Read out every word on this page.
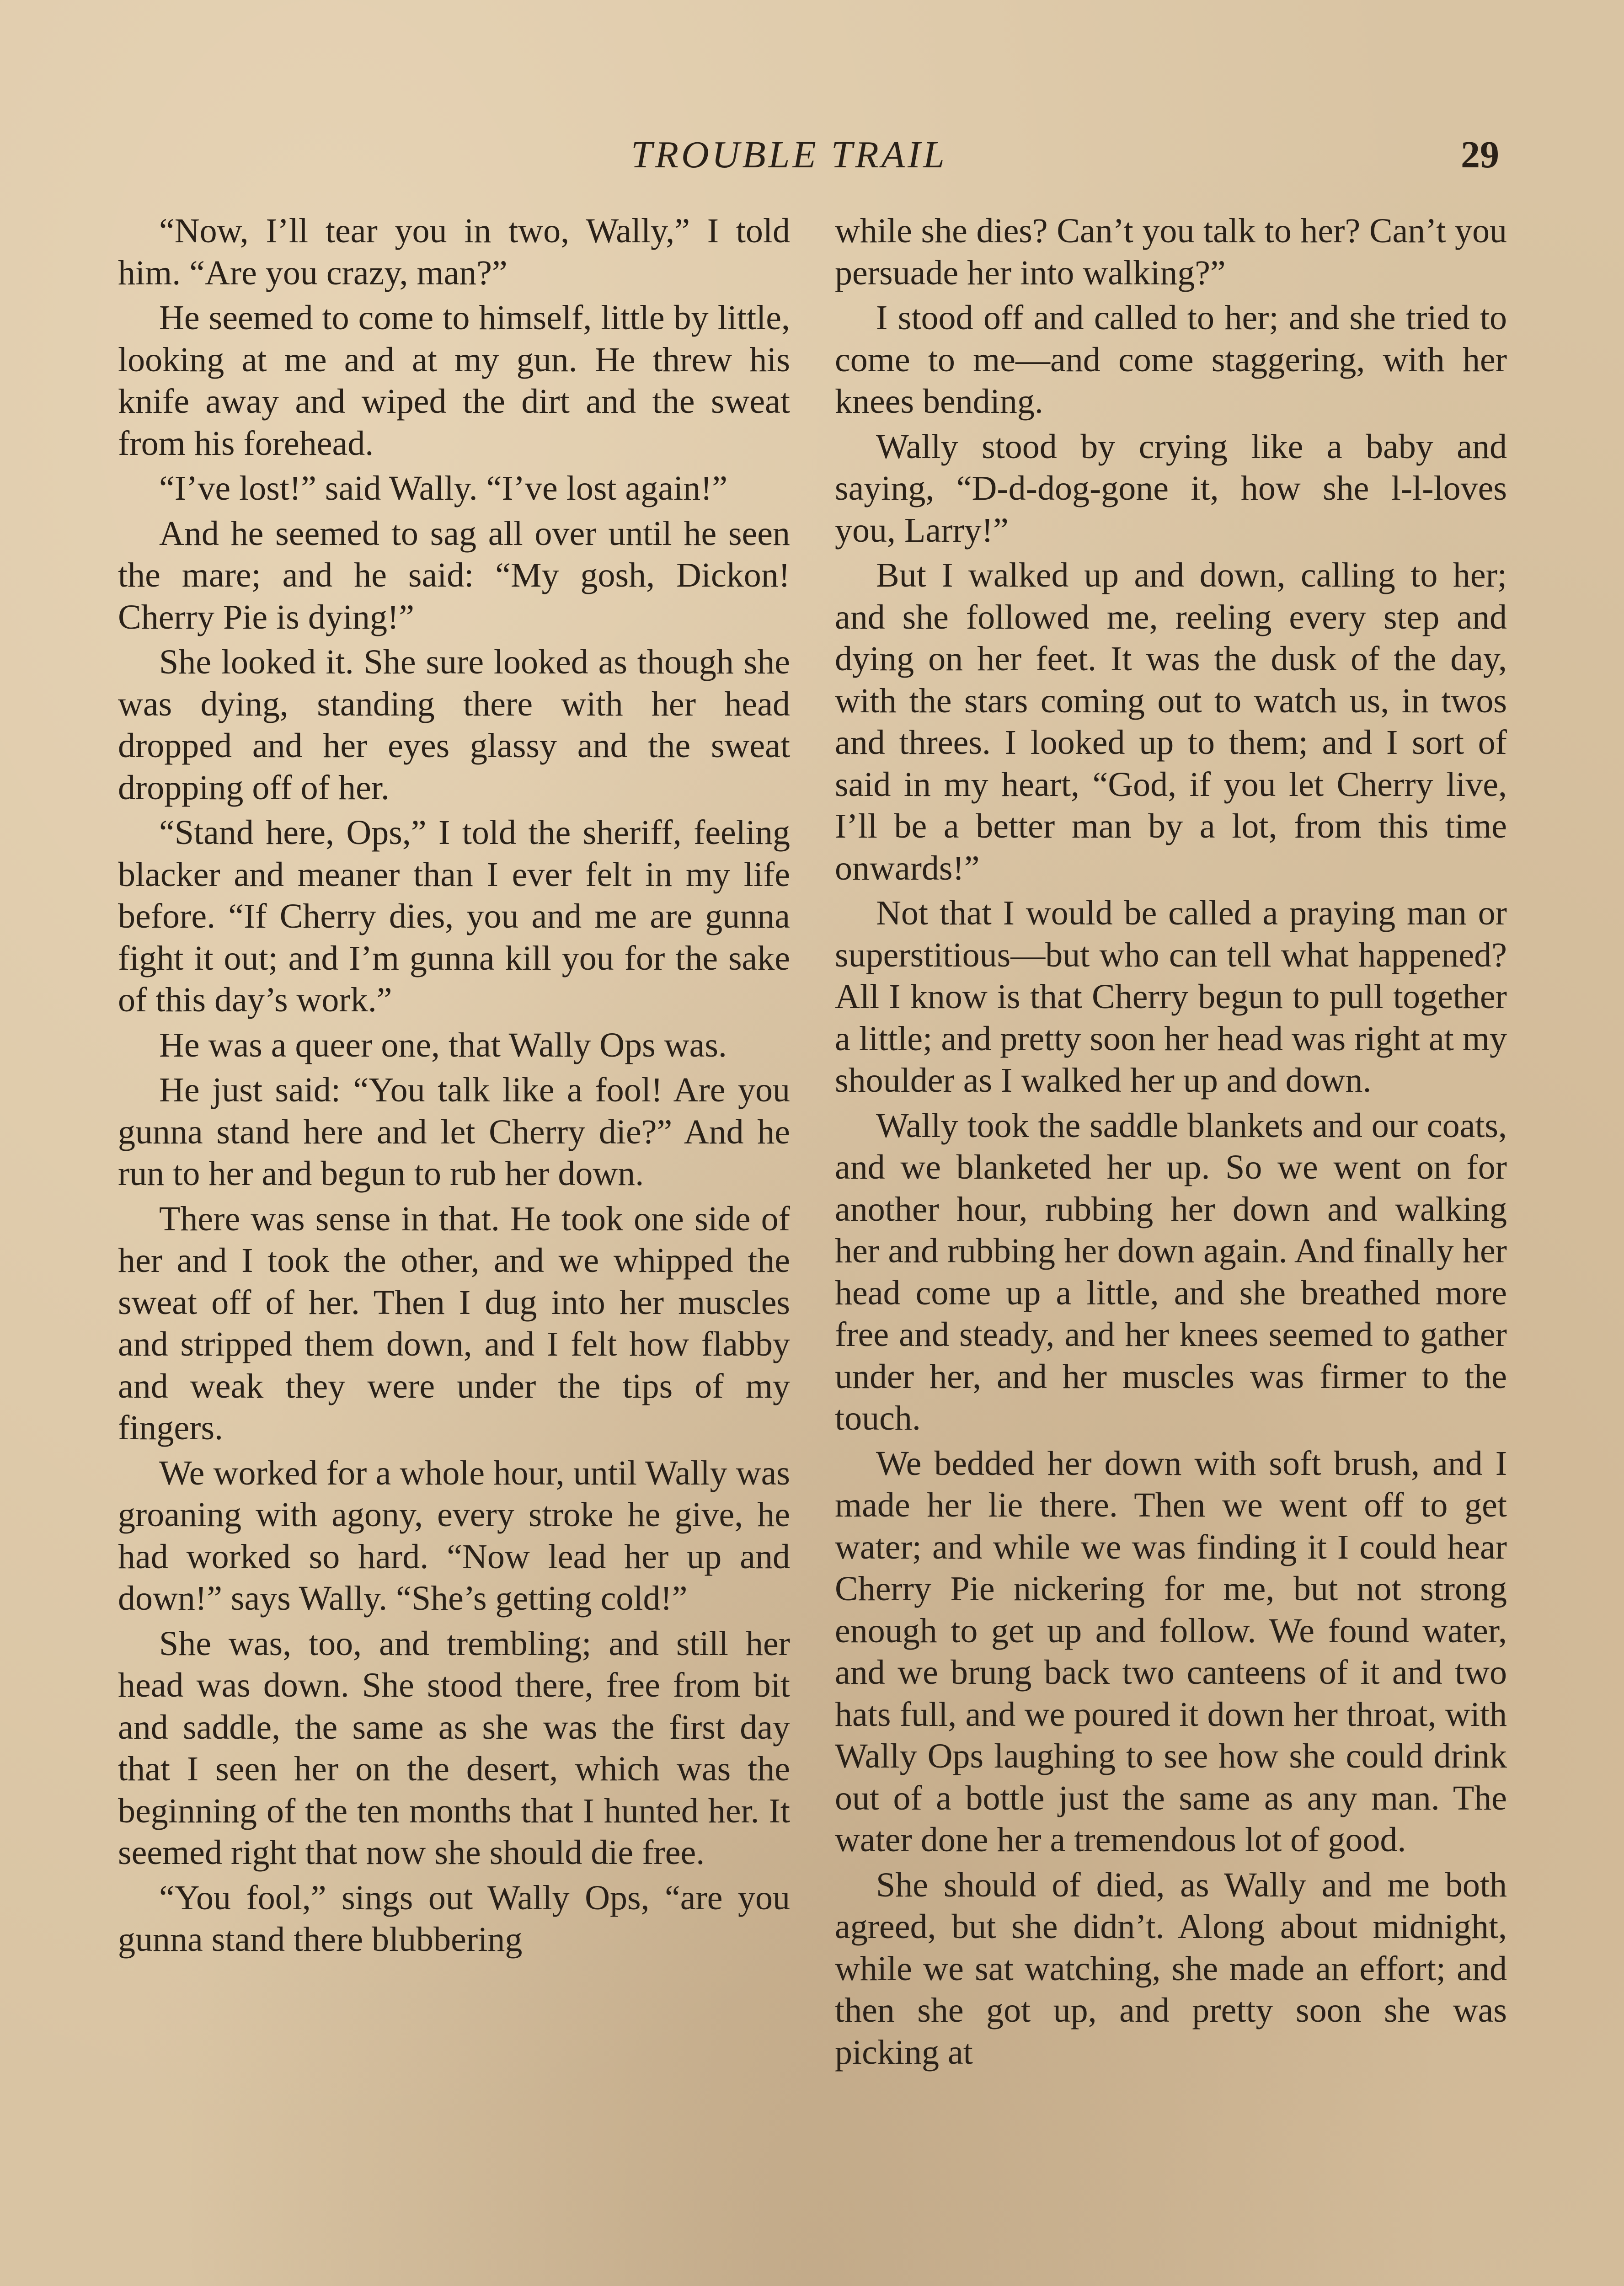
TROUBLE TRAIL	29

“Now, I’ll tear you in two, Wally,” I told him. “Are you crazy, man?”

He seemed to come to himself, little by little, looking at me and at my gun. He threw his knife away and wiped the dirt and the sweat from his forehead.

“I’ve lost!” said Wally. “I’ve lost again!”

And he seemed to sag all over until he seen the mare; and he said: “My gosh, Dickon! Cherry Pie is dying!”

She looked it. She sure looked as though she was dying, standing there with her head dropped and her eyes glassy and the sweat dropping off of her.

“Stand here, Ops,” I told the sheriff, feeling blacker and meaner than I ever felt in my life before. “If Cherry dies, you and me are gunna fight it out; and I’m gunna kill you for the sake of this day’s work.”

He was a queer one, that Wally Ops was.

He just said: “You talk like a fool! Are you gunna stand here and let Cherry die?” And he run to her and begun to rub her down.

There was sense in that. He took one side of her and I took the other, and we whipped the sweat off of her. Then I dug into her muscles and stripped them down, and I felt how flabby and weak they were under the tips of my fingers.

We worked for a whole hour, until Wally was groaning with agony, every stroke he give, he had worked so hard. “Now lead her up and down!” says Wally. “She’s getting cold!”

She was, too, and trembling; and still her head was down. She stood there, free from bit and saddle, the same as she was the first day that I seen her on the desert, which was the beginning of the ten months that I hunted her. It seemed right that now she should die free.

“You fool,” sings out Wally Ops, “are you gunna stand there blubbering

while she dies? Can’t you talk to her? Can’t you persuade her into walking?”

I stood off and called to her; and she tried to come to me—and come staggering, with her knees bending.

Wally stood by crying like a baby and saying, “D-d-dog-gone it, how she l-l-loves you, Larry!”

But I walked up and down, calling to her; and she followed me, reeling every step and dying on her feet. It was the dusk of the day, with the stars coming out to watch us, in twos and threes. I looked up to them; and I sort of said in my heart, “God, if you let Cherry live, I’ll be a better man by a lot, from this time onwards!”

Not that I would be called a praying man or superstitious—but who can tell what happened? All I know is that Cherry begun to pull together a little; and pretty soon her head was right at my shoulder as I walked her up and down.

Wally took the saddle blankets and our coats, and we blanketed her up. So we went on for another hour, rubbing her down and walking her and rubbing her down again. And finally her head come up a little, and she breathed more free and steady, and her knees seemed to gather under her, and her muscles was firmer to the touch.

We bedded her down with soft brush, and I made her lie there. Then we went off to get water; and while we was finding it I could hear Cherry Pie nickering for me, but not strong enough to get up and follow. We found water, and we brung back two canteens of it and two hats full, and we poured it down her throat, with Wally Ops laughing to see how she could drink out of a bottle just the same as any man. The water done her a tremendous lot of good.

She should of died, as Wally and me both agreed, but she didn’t. Along about midnight, while we sat watching, she made an effort; and then she got up, and pretty soon she was picking at
